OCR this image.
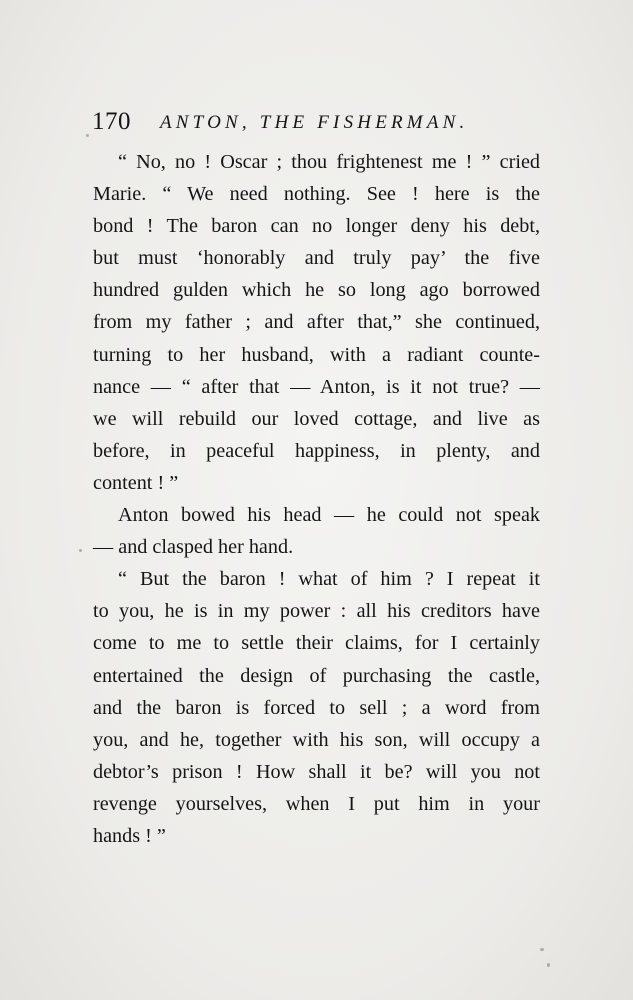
170 ANTON, THE FISHERMAN.
“ No, no ! Oscar ; thou frightenest me ! ” cried
Marie. “ We need nothing. See ! here is the
bond ! The baron can no longer deny his debt,
but must ‘honorably and truly pay’ the five
hundred gulden which he so long ago borrowed
from my father ; and after that,” she continued,
turning to her husband, with a radiant counte-
nance — “ after that — Anton, is it not true? —
we will rebuild our loved cottage, and live as
before, in peaceful happiness, in plenty, and
content ! ”
Anton bowed his head — he could not speak
— and clasped her hand.
“ But the baron ! what of him ? I repeat it
to you, he is in my power : all his creditors have
come to me to settle their claims, for I certainly
entertained the design of purchasing the castle,
and the baron is forced to sell ; a word from
you, and he, together with his son, will occupy a
debtor’s prison ! How shall it be? will you not
revenge yourselves, when I put him in your
hands ! ”
